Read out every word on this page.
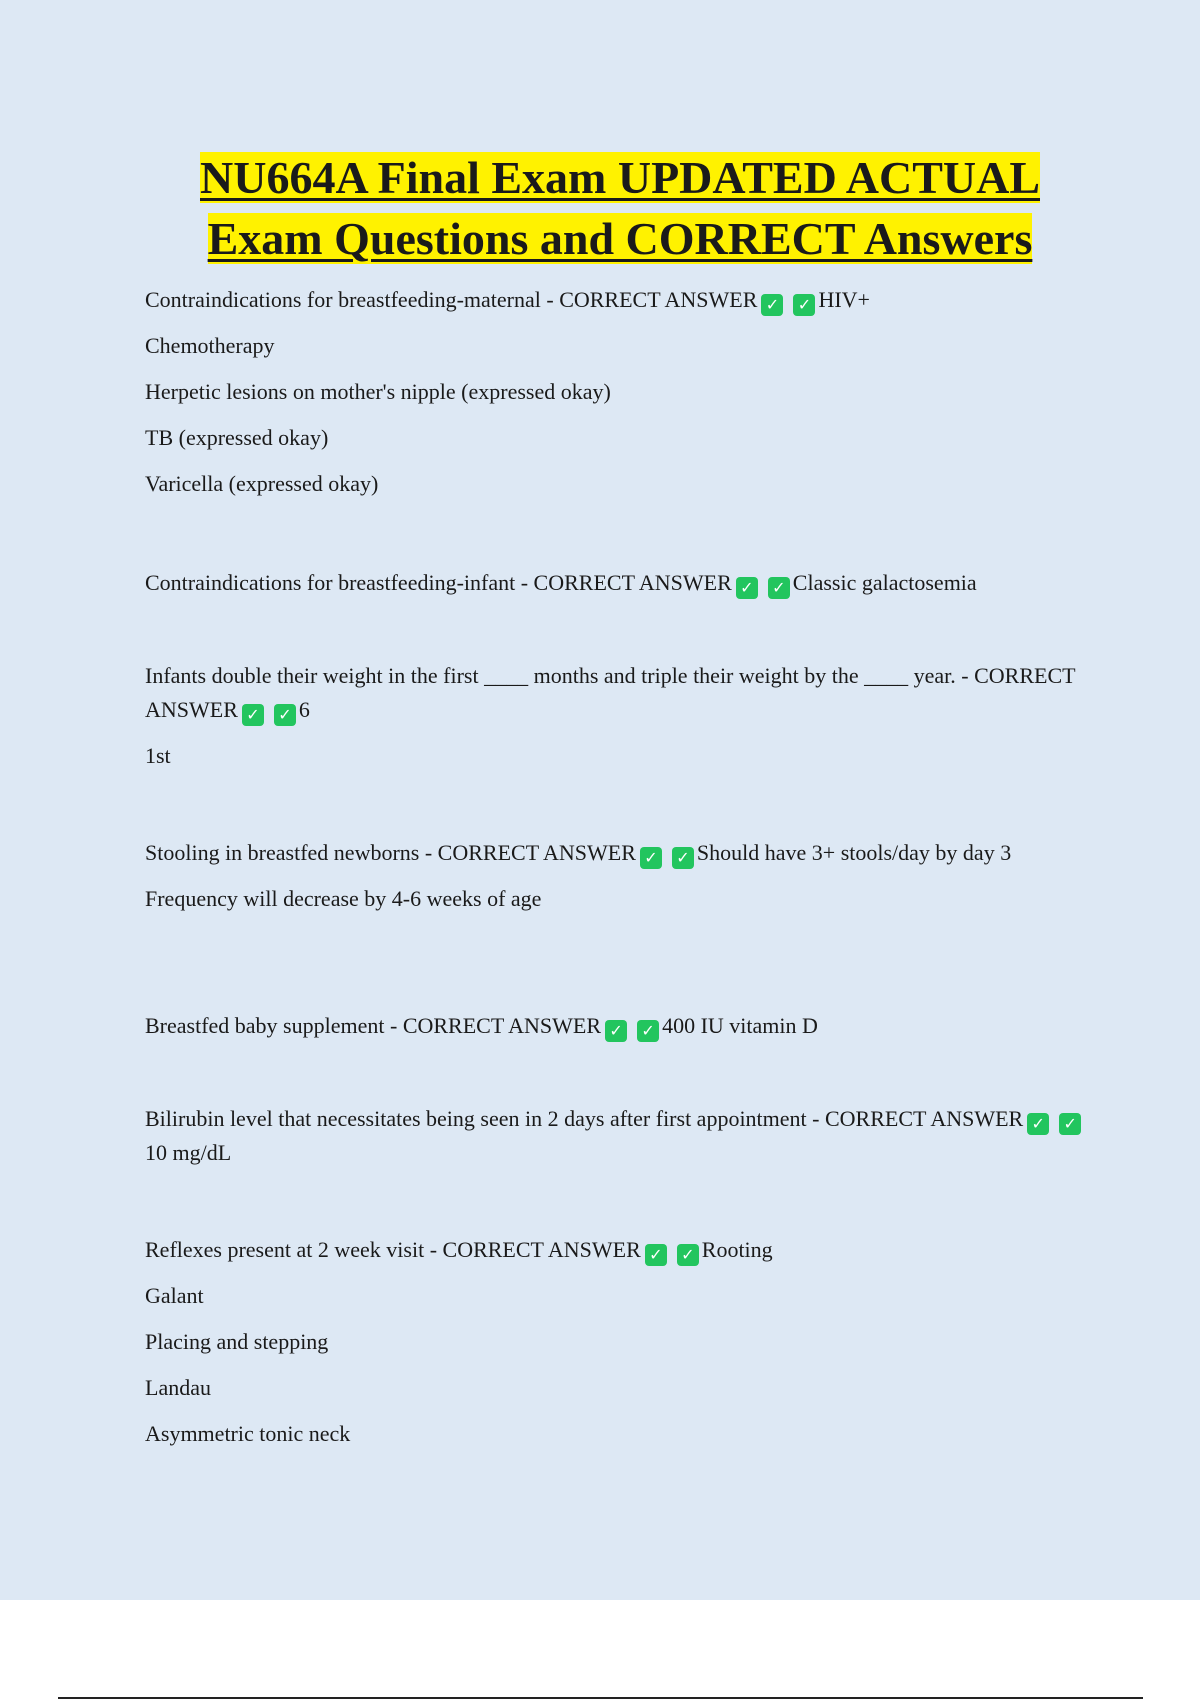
NU664A Final Exam UPDATED ACTUAL
Exam Questions and CORRECT Answers

Contraindications for breastfeeding-maternal - CORRECT ANSWER ✓ ✓ HIV+

Chemotherapy

Herpetic lesions on mother's nipple (expressed okay)

TB (expressed okay)

Varicella (expressed okay)

Contraindications for breastfeeding-infant - CORRECT ANSWER ✓ ✓ Classic galactosemia

Infants double their weight in the first ____ months and triple their weight by the ____ year. - CORRECT ANSWER ✓ ✓ 6

1st

Stooling in breastfed newborns - CORRECT ANSWER ✓ ✓ Should have 3+ stools/day by day 3

Frequency will decrease by 4-6 weeks of age

Breastfed baby supplement - CORRECT ANSWER ✓ ✓ 400 IU vitamin D

Bilirubin level that necessitates being seen in 2 days after first appointment - CORRECT ANSWER ✓ ✓10 mg/dL

Reflexes present at 2 week visit - CORRECT ANSWER ✓ ✓ Rooting

Galant

Placing and stepping

Landau

Asymmetric tonic neck
